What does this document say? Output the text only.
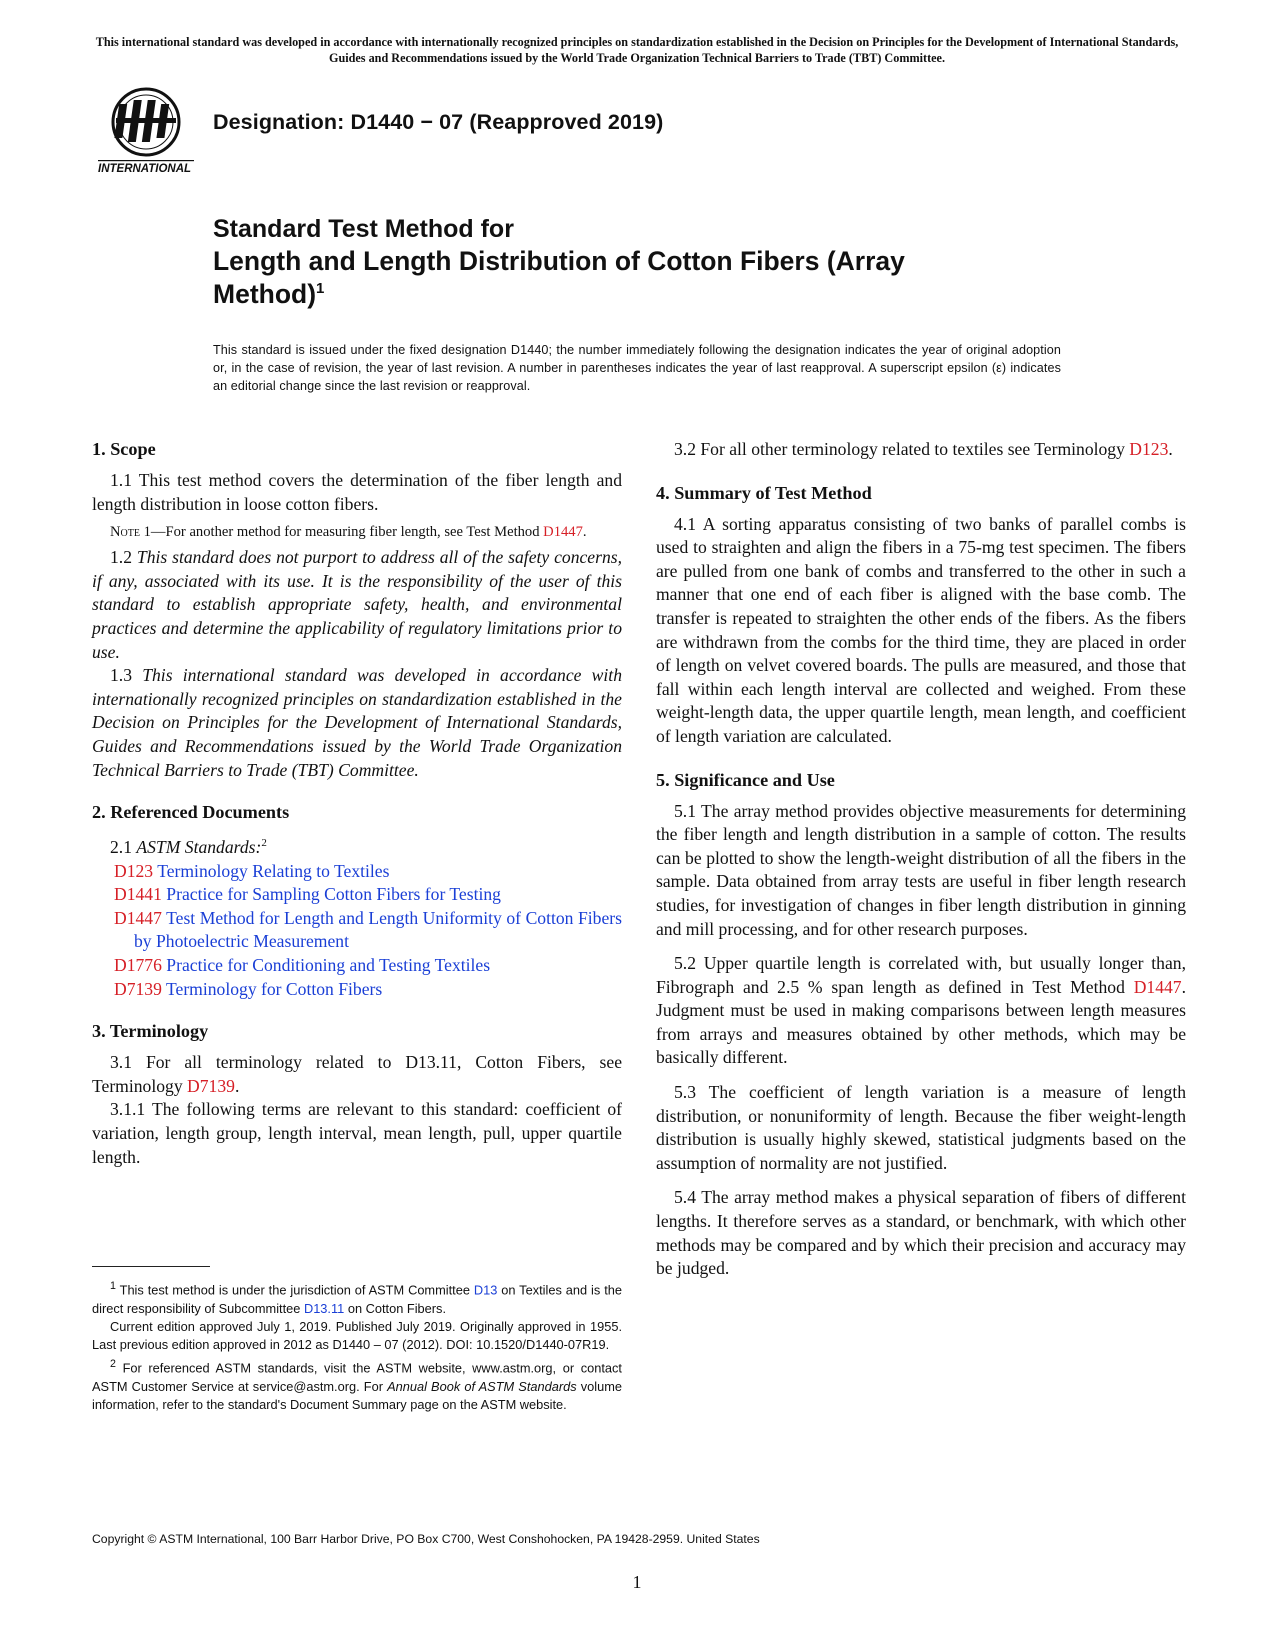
This international standard was developed in accordance with internationally recognized principles on standardization established in the Decision on Principles for the Development of International Standards, Guides and Recommendations issued by the World Trade Organization Technical Barriers to Trade (TBT) Committee.
INTERNATIONAL
Designation: D1440 − 07 (Reapproved 2019)
Standard Test Method for
Length and Length Distribution of Cotton Fibers (Array Method)$^1$
This standard is issued under the fixed designation D1440; the number immediately following the designation indicates the year of original adoption or, in the case of revision, the year of last revision. A number in parentheses indicates the year of last reapproval. A superscript epsilon (ε) indicates an editorial change since the last revision or reapproval.
1. Scope

1.1 This test method covers the determination of the fiber length and length distribution in loose cotton fibers.

Note 1—For another method for measuring fiber length, see Test Method D1447.

1.2 This standard does not purport to address all of the safety concerns, if any, associated with its use. It is the responsibility of the user of this standard to establish appropriate safety, health, and environmental practices and determine the applicability of regulatory limitations prior to use.

1.3 This international standard was developed in accordance with internationally recognized principles on standardization established in the Decision on Principles for the Development of International Standards, Guides and Recommendations issued by the World Trade Organization Technical Barriers to Trade (TBT) Committee.

2. Referenced Documents

2.1 ASTM Standards:$^2$

D123 Terminology Relating to Textiles

D1441 Practice for Sampling Cotton Fibers for Testing

D1447 Test Method for Length and Length Uniformity of Cotton Fibers by Photoelectric Measurement

D1776 Practice for Conditioning and Testing Textiles

D7139 Terminology for Cotton Fibers

3. Terminology

3.1 For all terminology related to D13.11, Cotton Fibers, see Terminology D7139.

3.1.1 The following terms are relevant to this standard: coefficient of variation, length group, length interval, mean length, pull, upper quartile length.

$^1$ This test method is under the jurisdiction of ASTM Committee D13 on Textiles and is the direct responsibility of Subcommittee D13.11 on Cotton Fibers.

Current edition approved July 1, 2019. Published July 2019. Originally approved in 1955. Last previous edition approved in 2012 as D1440 – 07 (2012). DOI: 10.1520/D1440-07R19.

$^2$ For referenced ASTM standards, visit the ASTM website, www.astm.org, or contact ASTM Customer Service at service@astm.org. For Annual Book of ASTM Standards volume information, refer to the standard's Document Summary page on the ASTM website.

3.2 For all other terminology related to textiles see Terminology D123.

4. Summary of Test Method

4.1 A sorting apparatus consisting of two banks of parallel combs is used to straighten and align the fibers in a 75-mg test specimen. The fibers are pulled from one bank of combs and transferred to the other in such a manner that one end of each fiber is aligned with the base comb. The transfer is repeated to straighten the other ends of the fibers. As the fibers are withdrawn from the combs for the third time, they are placed in order of length on velvet covered boards. The pulls are measured, and those that fall within each length interval are collected and weighed. From these weight-length data, the upper quartile length, mean length, and coefficient of length variation are calculated.

5. Significance and Use

5.1 The array method provides objective measurements for determining the fiber length and length distribution in a sample of cotton. The results can be plotted to show the length-weight distribution of all the fibers in the sample. Data obtained from array tests are useful in fiber length research studies, for investigation of changes in fiber length distribution in ginning and mill processing, and for other research purposes.

5.2 Upper quartile length is correlated with, but usually longer than, Fibrograph and 2.5 % span length as defined in Test Method D1447. Judgment must be used in making comparisons between length measures from arrays and measures obtained by other methods, which may be basically different.

5.3 The coefficient of length variation is a measure of length distribution, or nonuniformity of length. Because the fiber weight-length distribution is usually highly skewed, statistical judgments based on the assumption of normality are not justified.

5.4 The array method makes a physical separation of fibers of different lengths. It therefore serves as a standard, or benchmark, with which other methods may be compared and by which their precision and accuracy may be judged.

Copyright © ASTM International, 100 Barr Harbor Drive, PO Box C700, West Conshohocken, PA 19428-2959. United States
1
